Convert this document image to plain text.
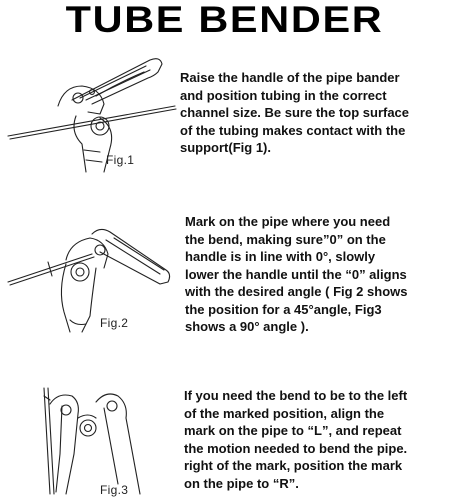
TUBE BENDER
Fig.1
Raise the handle of the pipe bander
and position tubing in the correct
channel size. Be sure the top surface
of the tubing makes contact with the
support(Fig 1).
Fig.2
Mark on the pipe where you need
the bend, making sure”0” on the
handle is in line with 0°, slowly
lower the handle until the “0” aligns
with the desired angle ( Fig 2 shows
the position for a 45°angle, Fig3
shows a 90° angle ).
Fig.3
If you need the bend to be to the left
of the marked position, align the
mark on the pipe to “L”, and repeat
the motion needed to bend the pipe.
right of the mark, position the mark
on the pipe to “R”.
